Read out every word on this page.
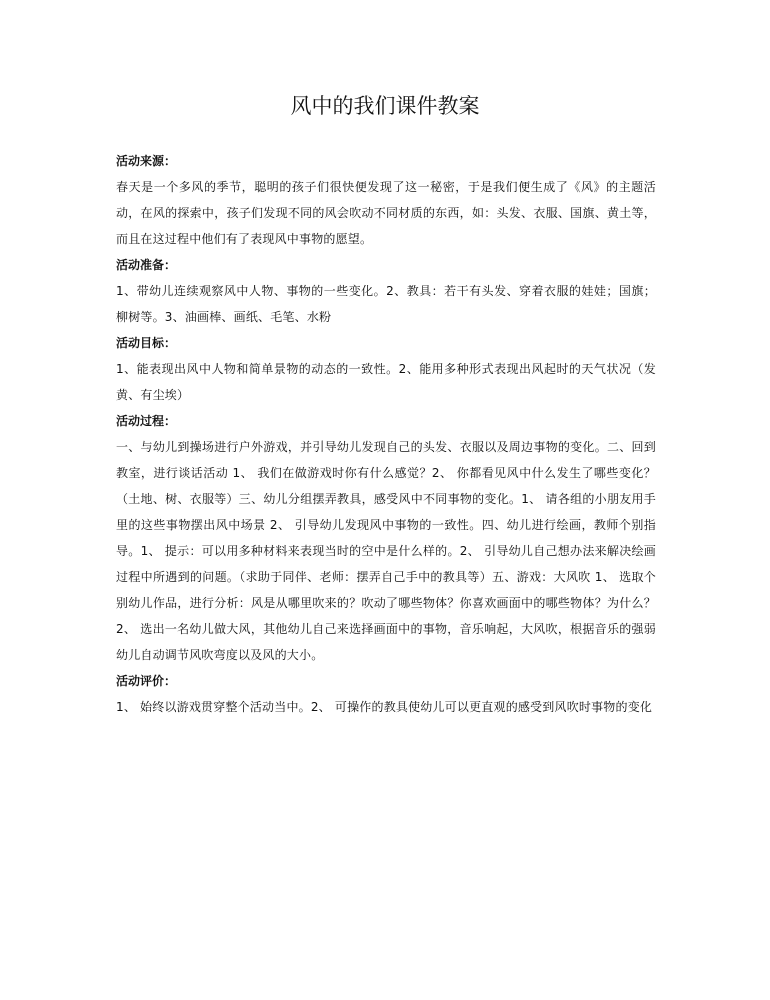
风中的我们课件教案

活动来源：

春天是一个多风的季节，聪明的孩子们很快便发现了这一秘密，于是我们便生成了《风》的主题活动，在风的探索中，孩子们发现不同的风会吹动不同材质的东西，如：头发、衣服、国旗、黄土等，而且在这过程中他们有了表现风中事物的愿望。

活动准备：

1、带幼儿连续观察风中人物、事物的一些变化。2、教具：若干有头发、穿着衣服的娃娃；国旗；柳树等。3、油画棒、画纸、毛笔、水粉

活动目标：

1、能表现出风中人物和简单景物的动态的一致性。2、能用多种形式表现出风起时的天气状况（发黄、有尘埃）

活动过程：

一、与幼儿到操场进行户外游戏，并引导幼儿发现自己的头发、衣服以及周边事物的变化。二、回到教室，进行谈话活动 1、 我们在做游戏时你有什么感觉？2、 你都看见风中什么发生了哪些变化？（土地、树、衣服等）三、幼儿分组摆弄教具，感受风中不同事物的变化。1、 请各组的小朋友用手里的这些事物摆出风中场景 2、 引导幼儿发现风中事物的一致性。四、幼儿进行绘画，教师个别指导。1、 提示：可以用多种材料来表现当时的空中是什么样的。2、 引导幼儿自己想办法来解决绘画过程中所遇到的问题。（求助于同伴、老师：摆弄自己手中的教具等）五、游戏：大风吹 1、 选取个别幼儿作品，进行分析：风是从哪里吹来的？吹动了哪些物体？你喜欢画面中的哪些物体？为什么？2、 选出一名幼儿做大风，其他幼儿自己来选择画面中的事物，音乐响起，大风吹，根据音乐的强弱幼儿自动调节风吹弯度以及风的大小。

活动评价：

1、 始终以游戏贯穿整个活动当中。2、 可操作的教具使幼儿可以更直观的感受到风吹时事物的变化
